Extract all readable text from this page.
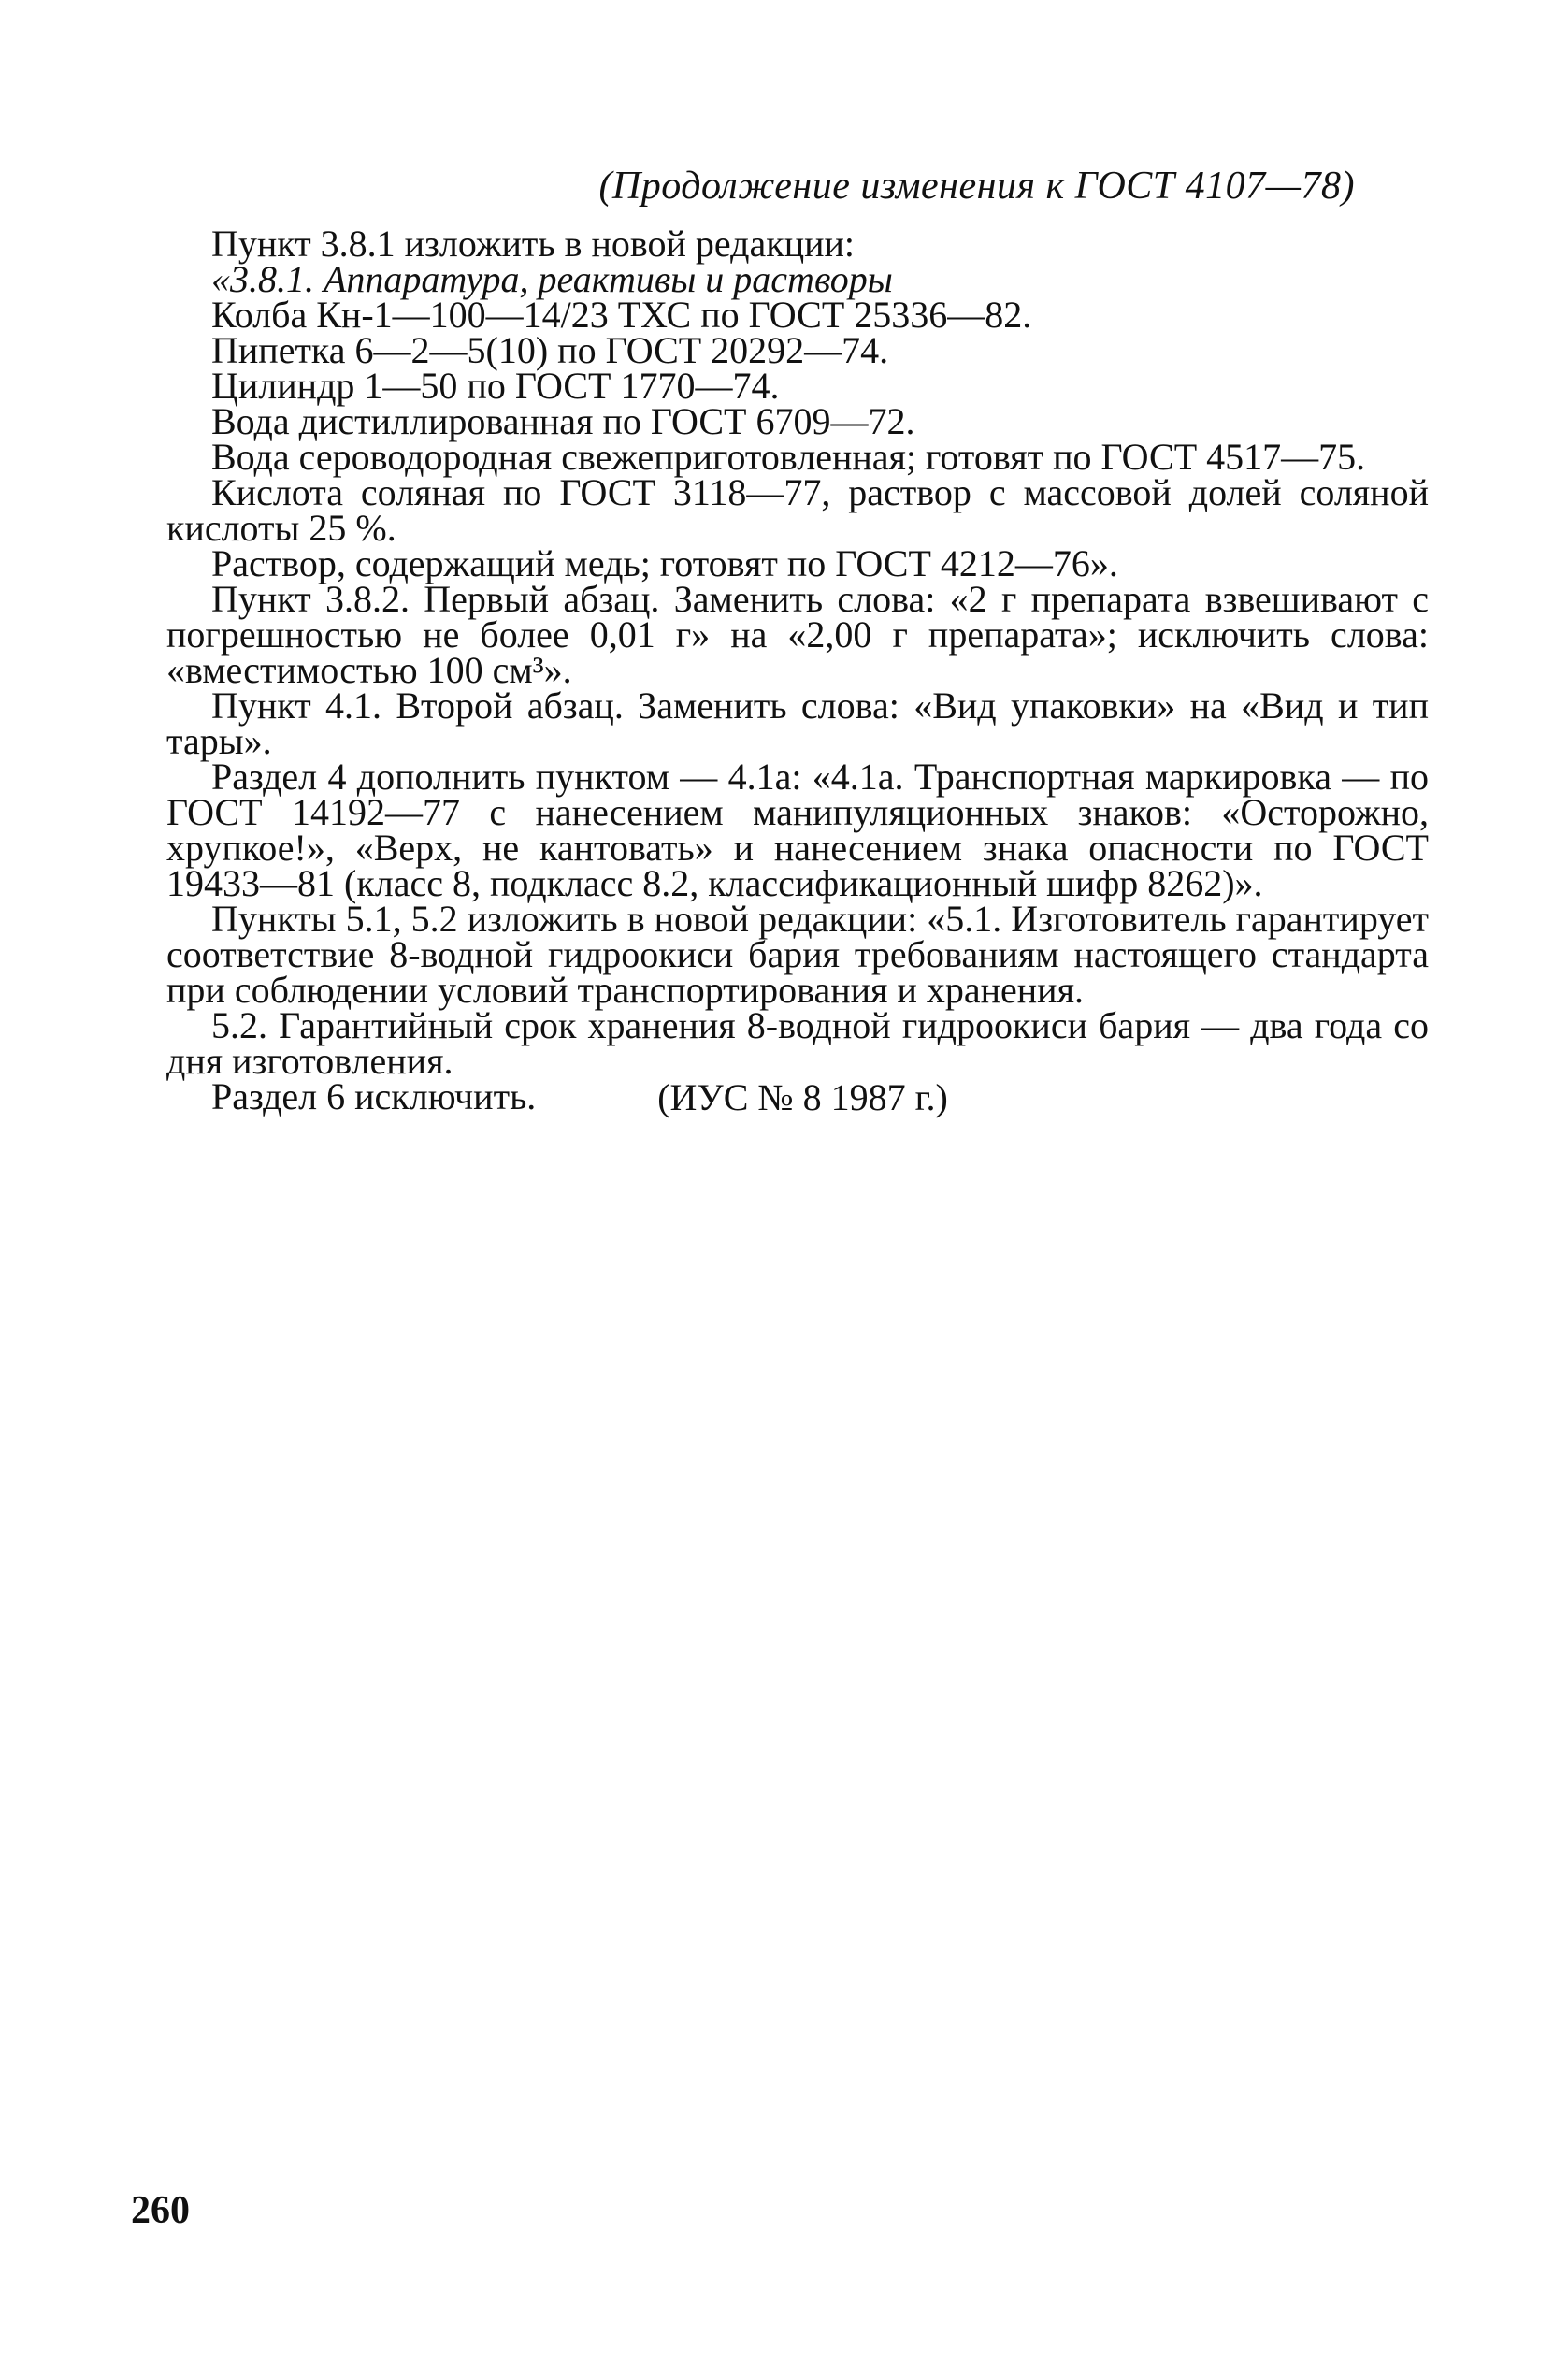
(Продолжение изменения к ГОСТ 4107—78)

Пункт 3.8.1 изложить в новой редакции:

«3.8.1. Аппаратура, реактивы и растворы

Колба Кн-1—100—14/23 ТХС по ГОСТ 25336—82.

Пипетка 6—2—5(10) по ГОСТ 20292—74.

Цилиндр 1—50 по ГОСТ 1770—74.

Вода дистиллированная по ГОСТ 6709—72.

Вода сероводородная свежеприготовленная; готовят по ГОСТ 4517—75.

Кислота соляная по ГОСТ 3118—77, раствор с массовой долей соляной кислоты 25 %.

Раствор, содержащий медь; готовят по ГОСТ 4212—76».

Пункт 3.8.2. Первый абзац. Заменить слова: «2 г препарата взвешивают с погрешностью не более 0,01 г» на «2,00 г препарата»; исключить слова: «вместимостью 100 см³».

Пункт 4.1. Второй абзац. Заменить слова: «Вид упаковки» на «Вид и тип тары».

Раздел 4 дополнить пунктом — 4.1а: «4.1а. Транспортная маркировка — по ГОСТ 14192—77 с нанесением манипуляционных знаков: «Осторожно, хрупкое!», «Верх, не кантовать» и нанесением знака опасности по ГОСТ 19433—81 (класс 8, подкласс 8.2, классификационный шифр 8262)».

Пункты 5.1, 5.2 изложить в новой редакции: «5.1. Изготовитель гарантирует соответствие 8-водной гидроокиси бария требованиям настоящего стандарта при соблюдении условий транспортирования и хранения.

5.2. Гарантийный срок хранения 8-водной гидроокиси бария — два года со дня изготовления.

Раздел 6 исключить.	(ИУС № 8 1987 г.)
260
